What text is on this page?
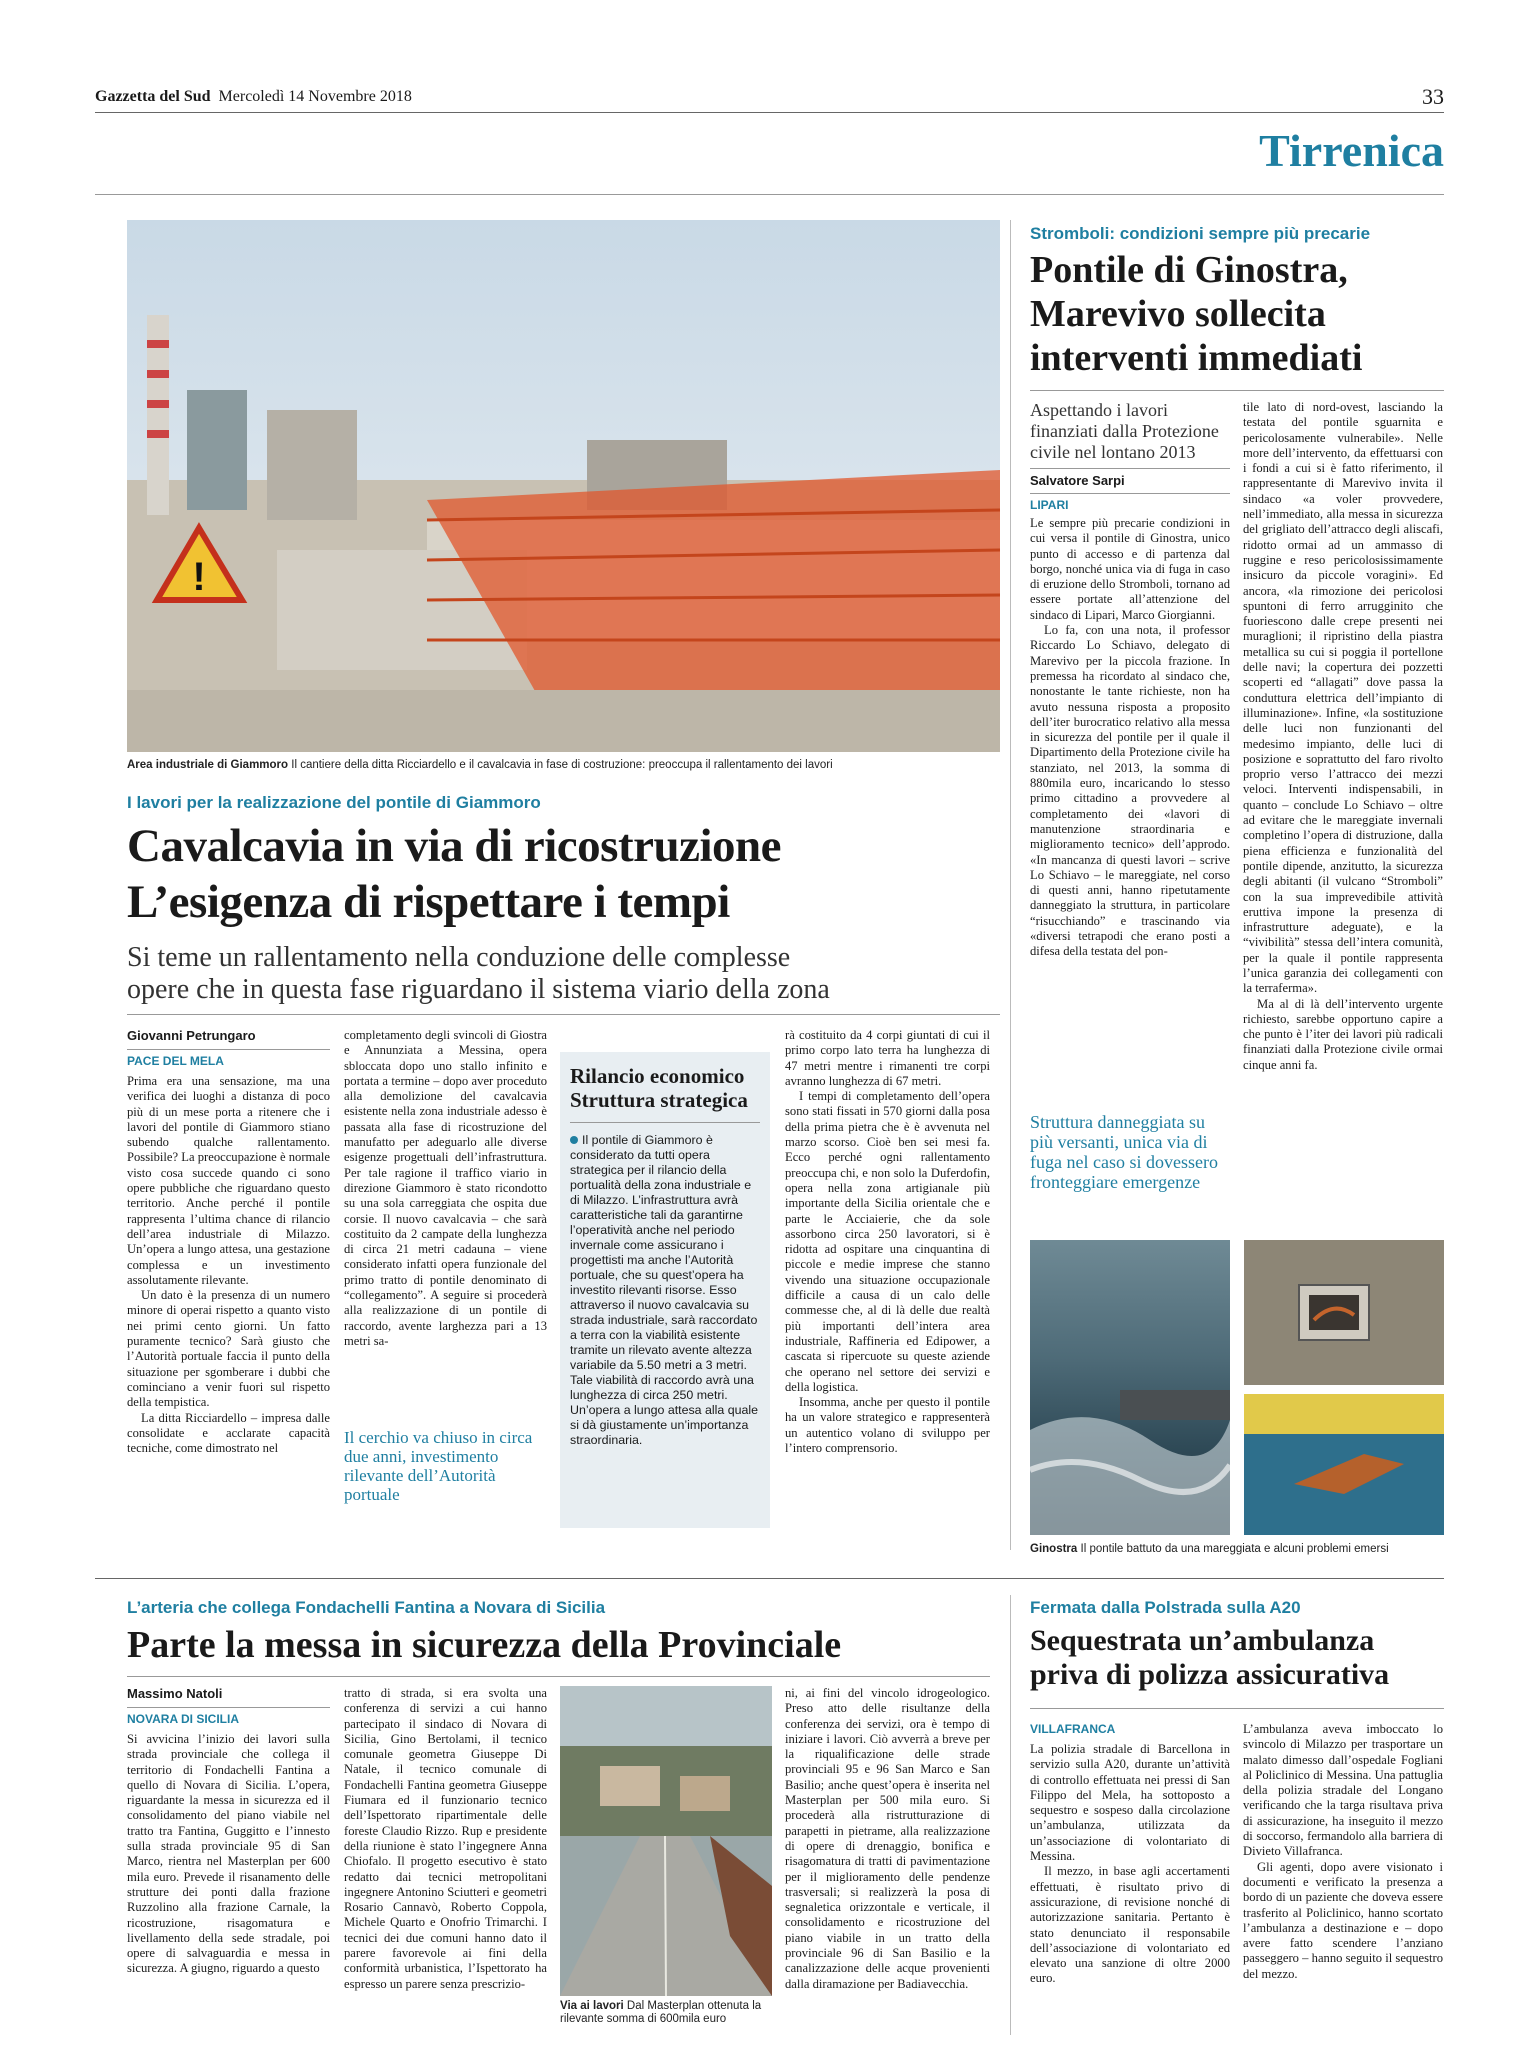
Gazzetta del Sud Mercoledì 14 Novembre 2018	33
Tirrenica
!
Area industriale di Giammoro Il cantiere della ditta Ricciardello e il cavalcavia in fase di costruzione: preoccupa il rallentamento dei lavori
I lavori per la realizzazione del pontile di Giammoro
Cavalcavia in via di ricostruzione
L’esigenza di rispettare i tempi
Si teme un rallentamento nella conduzione delle complesse
opere che in questa fase riguardano il sistema viario della zona
Giovanni Petrungaro
PACE DEL MELA

Prima era una sensazione, ma una verifica dei luoghi a distanza di poco più di un mese porta a ritenere che i lavori del pontile di Giammoro stiano subendo qualche rallentamento. Possibile? La preoccupazione è normale visto cosa succede quando ci sono opere pubbliche che riguardano questo territorio. Anche perché il pontile rappresenta l’ultima chance di rilancio dell’area industriale di Milazzo. Un’opera a lungo attesa, una gestazione complessa e un investimento assolutamente rilevante.

Un dato è la presenza di un numero minore di operai rispetto a quanto visto nei primi cento giorni. Un fatto puramente tecnico? Sarà giusto che l’Autorità portuale faccia il punto della situazione per sgomberare i dubbi che cominciano a venir fuori sul rispetto della tempistica.

La ditta Ricciardello – impresa dalle consolidate e acclarate capacità tecniche, come dimostrato nel

completamento degli svincoli di Giostra e Annunziata a Messina, opera sbloccata dopo uno stallo infinito e portata a termine – dopo aver proceduto alla demolizione del cavalcavia esistente nella zona industriale adesso è passata alla fase di ricostruzione del manufatto per adeguarlo alle diverse esigenze progettuali dell’infrastruttura. Per tale ragione il traffico viario in direzione Giammoro è stato ricondotto su una sola carreggiata che ospita due corsie. Il nuovo cavalcavia – che sarà costituito da 2 campate della lunghezza di circa 21 metri cadauna – viene considerato infatti opera funzionale del primo tratto di pontile denominato di “collegamento”. A seguire si procederà alla realizzazione di un pontile di raccordo, avente larghezza pari a 13 metri sa-

Il cerchio va chiuso in circa due anni, investimento rilevante dell’Autorità portuale
Rilancio economico
Struttura strategica
Il pontile di Giammoro è considerato da tutti opera strategica per il rilancio della portualità della zona industriale e di Milazzo. L’infrastruttura avrà caratteristiche tali da garantirne l’operatività anche nel periodo invernale come assicurano i progettisti ma anche l’Autorità portuale, che su quest’opera ha investito rilevanti risorse. Esso attraverso il nuovo cavalcavia su strada industriale, sarà raccordato a terra con la viabilità esistente tramite un rilevato avente altezza variabile da 5.50 metri a 3 metri. Tale viabilità di raccordo avrà una lunghezza di circa 250 metri. Un’opera a lungo attesa alla quale si dà giustamente un’importanza straordinaria.

rà costituito da 4 corpi giuntati di cui il primo corpo lato terra ha lunghezza di 47 metri mentre i rimanenti tre corpi avranno lunghezza di 67 metri.

I tempi di completamento dell’opera sono stati fissati in 570 giorni dalla posa della prima pietra che è è avvenuta nel marzo scorso. Cioè ben sei mesi fa. Ecco perché ogni rallentamento preoccupa chi, e non solo la Duferdofin, opera nella zona artigianale più importante della Sicilia orientale che e parte le Acciaierie, che da sole assorbono circa 250 lavoratori, si è ridotta ad ospitare una cinquantina di piccole e medie imprese che stanno vivendo una situazione occupazionale difficile a causa di un calo delle commesse che, al di là delle due realtà più importanti dell’intera area industriale, Raffineria ed Edipower, a cascata si ripercuote su queste aziende che operano nel settore dei servizi e della logistica.

Insomma, anche per questo il pontile ha un valore strategico e rappresenterà un autentico volano di sviluppo per l’intero comprensorio.

Stromboli: condizioni sempre più precarie
Pontile di Ginostra,
Marevivo sollecita
interventi immediati
Aspettando i lavori finanziati dalla Protezione civile nel lontano 2013
Salvatore Sarpi
LIPARI

Le sempre più precarie condizioni in cui versa il pontile di Ginostra, unico punto di accesso e di partenza dal borgo, nonché unica via di fuga in caso di eruzione dello Stromboli, tornano ad essere portate all’attenzione del sindaco di Lipari, Marco Giorgianni.

Lo fa, con una nota, il professor Riccardo Lo Schiavo, delegato di Marevivo per la piccola frazione. In premessa ha ricordato al sindaco che, nonostante le tante richieste, non ha avuto nessuna risposta a proposito dell’iter burocratico relativo alla messa in sicurezza del pontile per il quale il Dipartimento della Protezione civile ha stanziato, nel 2013, la somma di 880mila euro, incaricando lo stesso primo cittadino a provvedere al completamento dei «lavori di manutenzione straordinaria e miglioramento tecnico» dell’approdo. «In mancanza di questi lavori – scrive Lo Schiavo – le mareggiate, nel corso di questi anni, hanno ripetutamente danneggiato la struttura, in particolare “risucchiando” e trascinando via «diversi tetrapodi che erano posti a difesa della testata del pon-

tile lato di nord-ovest, lasciando la testata del pontile sguarnita e pericolosamente vulnerabile». Nelle more dell’intervento, da effettuarsi con i fondi a cui si è fatto riferimento, il rappresentante di Marevivo invita il sindaco «a voler provvedere, nell’immediato, alla messa in sicurezza del grigliato dell’attracco degli aliscafi, ridotto ormai ad un ammasso di ruggine e reso pericolosissimamente insicuro da piccole voragini». Ed ancora, «la rimozione dei pericolosi spuntoni di ferro arrugginito che fuoriescono dalle crepe presenti nei muraglioni; il ripristino della piastra metallica su cui si poggia il portellone delle navi; la copertura dei pozzetti scoperti ed “allagati” dove passa la conduttura elettrica dell’impianto di illuminazione». Infine, «la sostituzione delle luci non funzionanti del medesimo impianto, delle luci di posizione e soprattutto del faro rivolto proprio verso l’attracco dei mezzi veloci. Interventi indispensabili, in quanto – conclude Lo Schiavo – oltre ad evitare che le mareggiate invernali completino l’opera di distruzione, dalla piena efficienza e funzionalità del pontile dipende, anzitutto, la sicurezza degli abitanti (il vulcano “Stromboli” con la sua imprevedibile attività eruttiva impone la presenza di infrastrutture adeguate), e la “vivibilità” stessa dell’intera comunità, per la quale il pontile rappresenta l’unica garanzia dei collegamenti con la terraferma».

Ma al di là dell’intervento urgente richiesto, sarebbe opportuno capire a che punto è l’iter dei lavori più radicali finanziati dalla Protezione civile ormai cinque anni fa.

Struttura danneggiata su più versanti, unica via di fuga nel caso si dovessero fronteggiare emergenze
Ginostra Il pontile battuto da una mareggiata e alcuni problemi emersi
L’arteria che collega Fondachelli Fantina a Novara di Sicilia
Parte la messa in sicurezza della Provinciale
Massimo Natoli
NOVARA DI SICILIA

Si avvicina l’inizio dei lavori sulla strada provinciale che collega il territorio di Fondachelli Fantina a quello di Novara di Sicilia. L’opera, riguardante la messa in sicurezza ed il consolidamento del piano viabile nel tratto tra Fantina, Guggitto e l’innesto sulla strada provinciale 95 di San Marco, rientra nel Masterplan per 600 mila euro. Prevede il risanamento delle strutture dei ponti dalla frazione Ruzzolino alla frazione Carnale, la ricostruzione, risagomatura e livellamento della sede stradale, poi opere di salvaguardia e messa in sicurezza. A giugno, riguardo a questo

tratto di strada, si era svolta una conferenza di servizi a cui hanno partecipato il sindaco di Novara di Sicilia, Gino Bertolami, il tecnico comunale geometra Giuseppe Di Natale, il tecnico comunale di Fondachelli Fantina geometra Giuseppe Fiumara ed il funzionario tecnico dell’Ispettorato ripartimentale delle foreste Claudio Rizzo. Rup e presidente della riunione è stato l’ingegnere Anna Chiofalo. Il progetto esecutivo è stato redatto dai tecnici metropolitani ingegnere Antonino Sciutteri e geometri Rosario Cannavò, Roberto Coppola, Michele Quarto e Onofrio Trimarchi. I tecnici dei due comuni hanno dato il parere favorevole ai fini della conformità urbanistica, l’Ispettorato ha espresso un parere senza prescrizio-

Via ai lavori Dal Masterplan ottenuta la rilevante somma di 600mila euro

ni, ai fini del vincolo idrogeologico. Preso atto delle risultanze della conferenza dei servizi, ora è tempo di iniziare i lavori. Ciò avverrà a breve per la riqualificazione delle strade provinciali 95 e 96 San Marco e San Basilio; anche quest’opera è inserita nel Masterplan per 500 mila euro. Si procederà alla ristrutturazione di parapetti in pietrame, alla realizzazione di opere di drenaggio, bonifica e risagomatura di tratti di pavimentazione per il miglioramento delle pendenze trasversali; si realizzerà la posa di segnaletica orizzontale e verticale, il consolidamento e ricostruzione del piano viabile in un tratto della provinciale 96 di San Basilio e la canalizzazione delle acque provenienti dalla diramazione per Badiavecchia.

Fermata dalla Polstrada sulla A20
Sequestrata un’ambulanza
priva di polizza assicurativa
VILLAFRANCA

La polizia stradale di Barcellona in servizio sulla A20, durante un’attività di controllo effettuata nei pressi di San Filippo del Mela, ha sottoposto a sequestro e sospeso dalla circolazione un’ambulanza, utilizzata da un’associazione di volontariato di Messina.

Il mezzo, in base agli accertamenti effettuati, è risultato privo di assicurazione, di revisione nonché di autorizzazione sanitaria. Pertanto è stato denunciato il responsabile dell’associazione di volontariato ed elevato una sanzione di oltre 2000 euro.

L’ambulanza aveva imboccato lo svincolo di Milazzo per trasportare un malato dimesso dall’ospedale Fogliani al Policlinico di Messina. Una pattuglia della polizia stradale del Longano verificando che la targa risultava priva di assicurazione, ha inseguito il mezzo di soccorso, fermandolo alla barriera di Divieto Villafranca.

Gli agenti, dopo avere visionato i documenti e verificato la presenza a bordo di un paziente che doveva essere trasferito al Policlinico, hanno scortato l’ambulanza a destinazione e – dopo avere fatto scendere l’anziano passeggero – hanno seguito il sequestro del mezzo.
